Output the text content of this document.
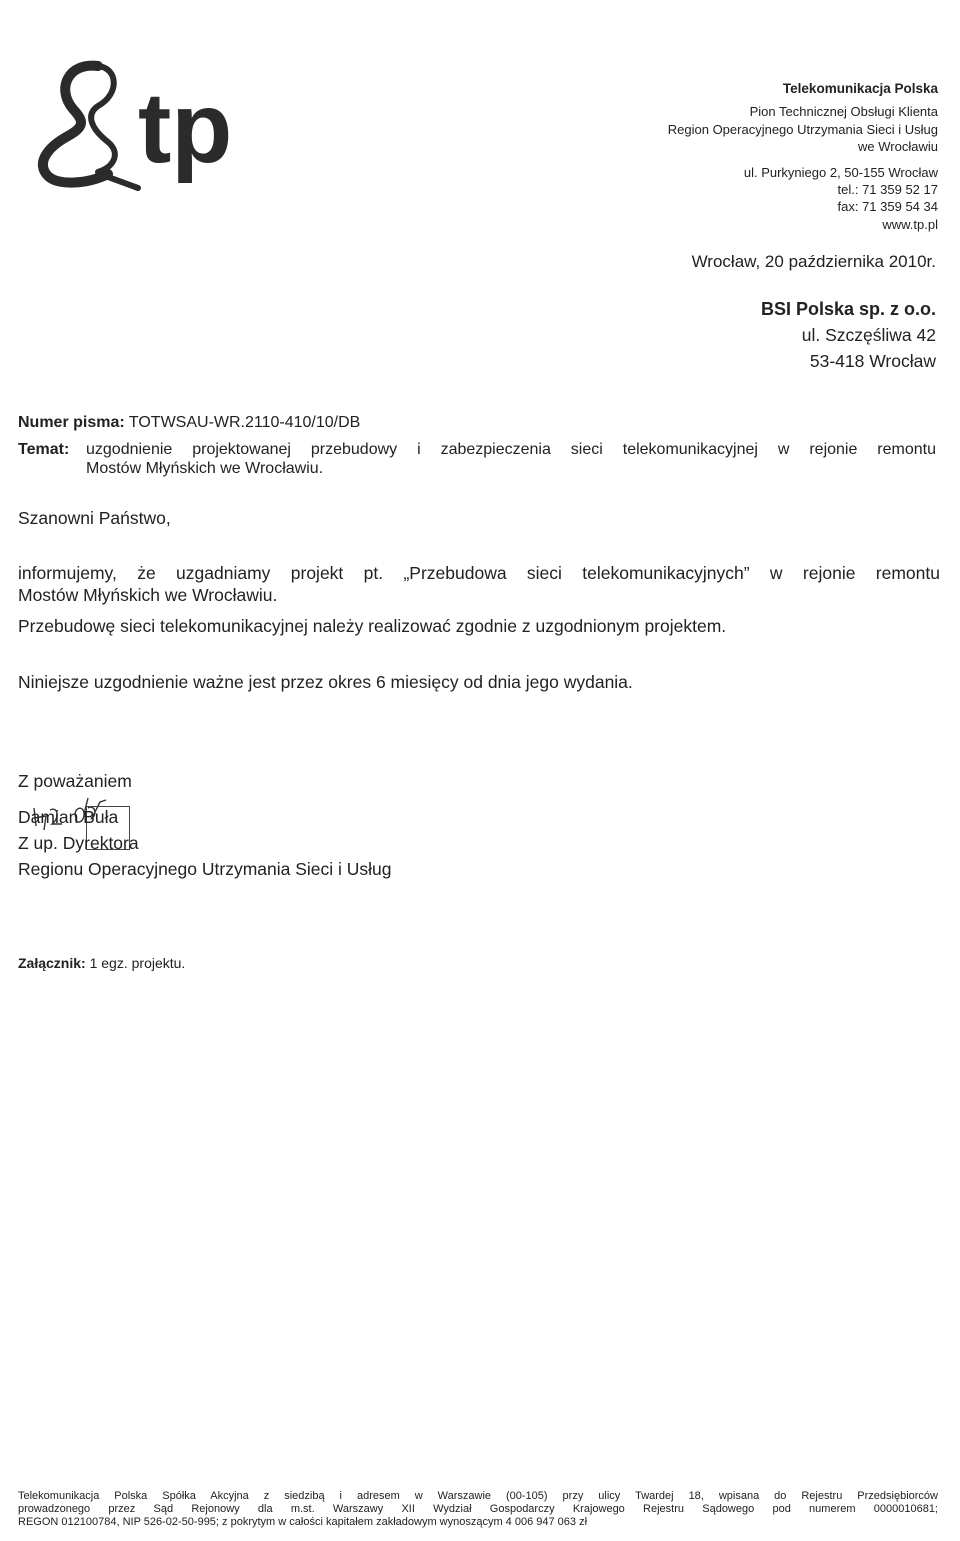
tp	Telekomunikacja Polska
Pion Technicznej Obsługi Klienta
Region Operacyjnego Utrzymania Sieci i Usług
we Wrocławiu
ul. Purkyniego 2, 50-155 Wrocław
tel.: 71 359 52 17
fax: 71 359 54 34
www.tp.pl
Wrocław, 20 października 2010r.
BSI Polska sp. z o.o.
ul. Szczęśliwa 42
53-418 Wrocław
Numer pisma: TOTWSAU-WR.2110-410/10/DB
Temat: uzgodnienie projektowanej przebudowy i zabezpieczenia sieci telekomunikacyjnej w rejonie remontu
Mostów Młyńskich we Wrocławiu.
Szanowni Państwo,
informujemy, że uzgadniamy projekt pt. „Przebudowa sieci telekomunikacyjnych” w rejonie remontu
Mostów Młyńskich we Wrocławiu.
Przebudowę sieci telekomunikacyjnej należy realizować zgodnie z uzgodnionym projektem.
Niniejsze uzgodnienie ważne jest przez okres 6 miesięcy od dnia jego wydania.
Z poważaniem
Damian Buła
Z up. Dyrektora
Regionu Operacyjnego Utrzymania Sieci i Usług
Załącznik: 1 egz. projektu.
Telekomunikacja Polska Spółka Akcyjna z siedzibą i adresem w Warszawie (00-105) przy ulicy Twardej 18, wpisana do Rejestru Przedsiębiorców
prowadzonego przez Sąd Rejonowy dla m.st. Warszawy XII Wydział Gospodarczy Krajowego Rejestru Sądowego pod numerem 0000010681;
REGON 012100784, NIP 526-02-50-995; z pokrytym w całości kapitałem zakładowym wynoszącym 4 006 947 063 zł
